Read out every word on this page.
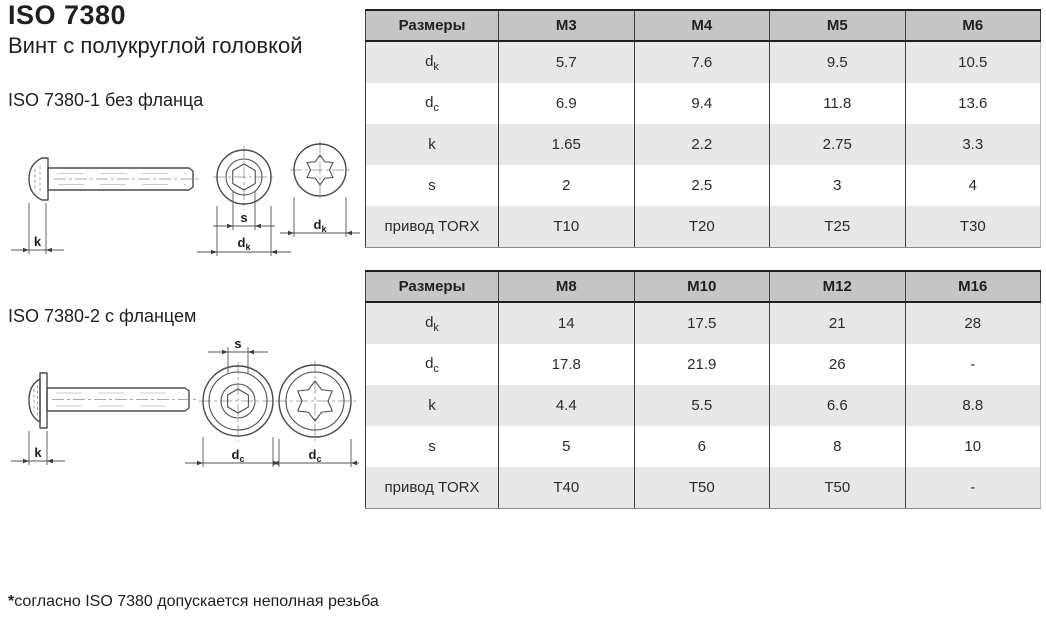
ISO 7380
Винт с полукруглой головкой
ISO 7380-1 без фланца
ISO 7380-2 с фланцем
k
s
$d_k$
$d_k$
k
s
$d_c$	$d_c$
Размеры	M3	M4	M5	M6
$d_k$	5.7	7.6	9.5	10.5
$d_c$	6.9	9.4	11.8	13.6
k	1.65	2.2	2.75	3.3
s	2	2.5	3	4
привод TORX	T10	T20	T25	T30
Размеры	M8	M10	M12	M16
$d_k$	14	17.5	21	28
$d_c$	17.8	21.9	26	-
k	4.4	5.5	6.6	8.8
s	5	6	8	10
привод TORX	T40	T50	T50	-
*согласно ISO 7380 допускается неполная резьба
